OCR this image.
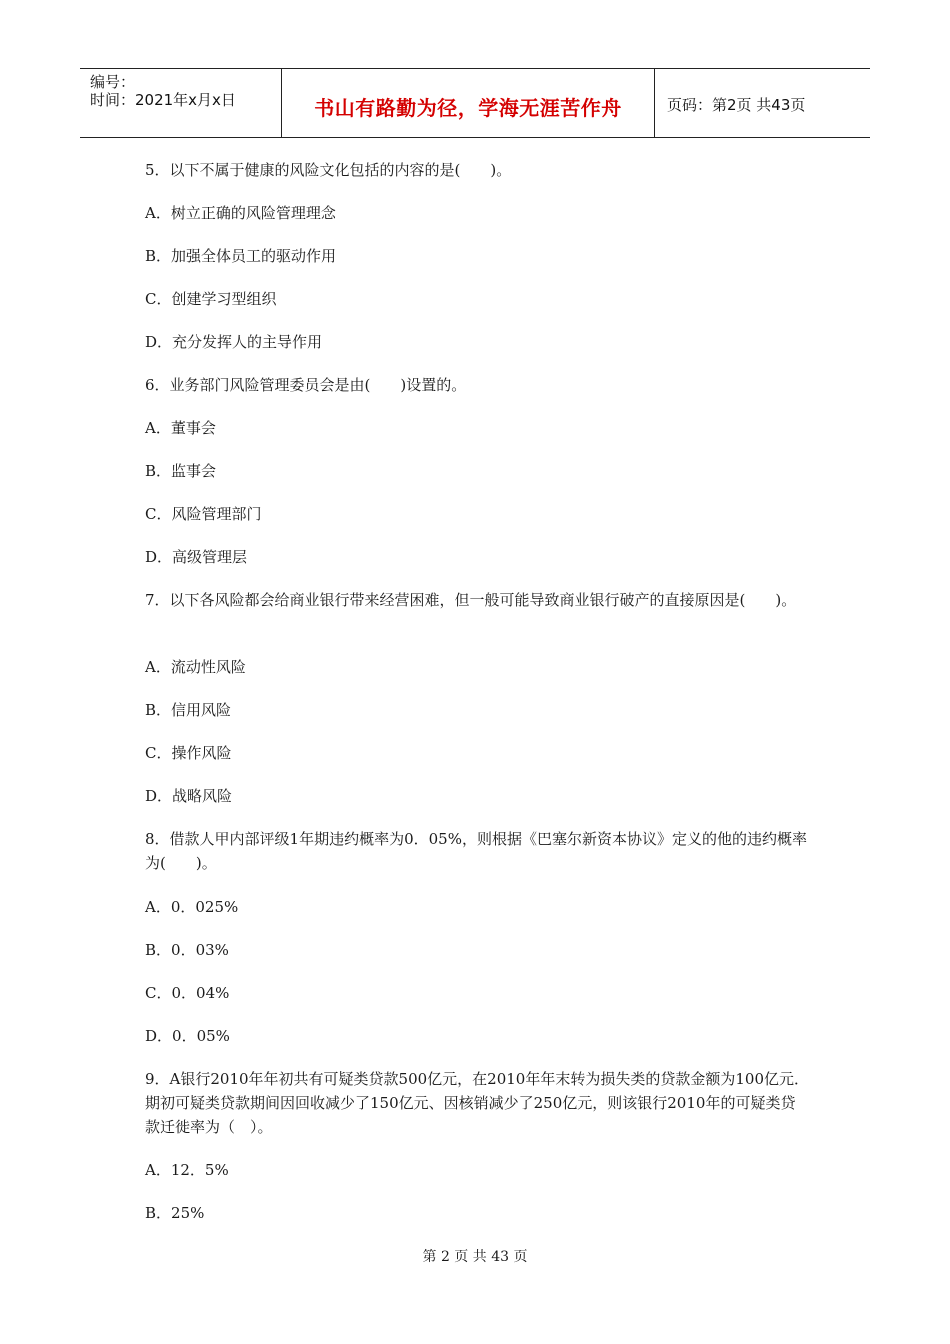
编号：
时间：2021年x月x日	书山有路勤为径，学海无涯苦作舟	页码：第2页 共43页
5．以下不属于健康的风险文化包括的内容的是(　　)。
A．树立正确的风险管理理念
B．加强全体员工的驱动作用
C．创建学习型组织
D．充分发挥人的主导作用
6．业务部门风险管理委员会是由(　　)设置的。
A．董事会
B．监事会
C．风险管理部门
D．高级管理层
7．以下各风险都会给商业银行带来经营困难，但一般可能导致商业银行破产的直接原因是(　　)。
A．流动性风险
B．信用风险
C．操作风险
D．战略风险
8．借款人甲内部评级1年期违约概率为0．05%，则根据《巴塞尔新资本协议》定义的他的违约概率为(　　)。
A．0．025%
B．0．03%
C．0．04%
D．0．05%
9．A银行2010年年初共有可疑类贷款500亿元，在2010年年末转为损失类的贷款金额为100亿元．期初可疑类贷款期间因回收减少了150亿元、因核销减少了250亿元，则该银行2010年的可疑类贷款迁徙率为（　）。
A．12．5%
B．25%
第 2 页 共 43 页
